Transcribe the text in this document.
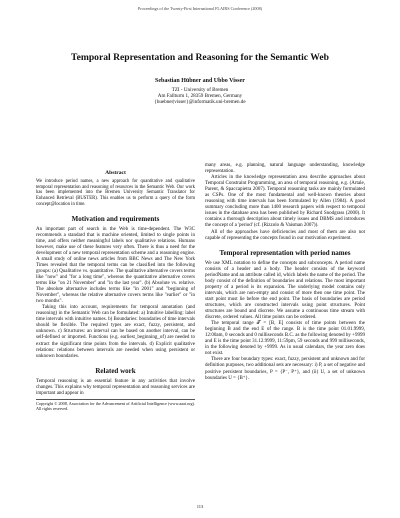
Proceedings of the Twenty-First International FLAIRS Conference (2008)
Temporal Representation and Reasoning for the Semantic Web
Sebastian Hübner and Ubbo Visser
TZI - University of Bremen
Am Fallturm 1, 28359 Bremen, Germany
{huebner|visser}@informatik.uni-bremen.de
Abstract

We introduce period names, a new approach for quantitative and qualitative temporal representation and reasoning of resources in the Semantic Web. Our work has been implemented into the Bremen University Semantic Translator for Enhanced Retrieval (BUSTER). This enables us to perform a query of the form concept@location in time.

Motivation and requirements

An important part of search in the Web is time-dependent. The W3C recommends a standard that is machine oriented, limited to single points in time, and offers neither meaningful labels nor qualitative relations. Humans however, make use of these features very often. There is thus a need for the development of a new temporal representation scheme and a reasoning engine. A small study of online news articles from BBC News and The New York Times revealed that the temporal terms can be classified into the following groups: (a) Qualitative vs. quantitative. The qualitative alternative covers terms like "now" and "for a long time", whereas the quantitative alternative covers terms like "on 21 November" and "in the last year". (b) Absolute vs. relative. The absolute alternative includes terms like "in 2001" and "beginning of November", whereas the relative alternative covers terms like "earlier" or "in two months".

Taking this into account, requirements for temporal annotation (and reasoning) in the Semantic Web can be formulated: a) Intuitive labelling: label time intervals with intuitive names. b) Boundaries: boundaries of time intervals should be flexible. The required types are exact, fuzzy, persistent, and unknown. c) Structures: an interval can be based on another interval, can be self-defined or imported. Functions (e.g. earliest_beginning_of) are needed to extract the significant time points from the intervals. d) Explicit qualitative relations: relations between intervals are needed when using persistent or unknown boundaries.

Related work

Temporal reasoning is an essential feature in any activities that involve changes. This explains why temporal representation and reasoning services are important and appear in

Copyright © 2008, Association for the Advancement of Artificial Intelligence (www.aaai.org). All rights reserved.

many areas, e.g. planning, natural language understanding, knowledge representation.

Articles in the knowledge representation area describe approaches about Temporal Constraint Programming, an area of temporal reasoning, e.g. (Artale, Parent, & Spaccapietra 2007). Temporal reasoning tasks are mainly formulated as CSPs. One of the most fundamental and well-known theories about reasoning with time intervals has been formulated by Allen (1984). A good summary concluding more than 1400 research papers with respect to temporal issues in the database area has been published by Richard Snodgrass (2000). It contains a thorough description about timely issues and DBMS and introduces the concept of a 'period' (cf. (Rizzolo & Vaisman 2007)).

All of the approaches have deficiencies and most of them are also not capable of representing the concepts found in our motivation experiment.

Temporal representation with period names

We use XML notation to define the concepts and subconcepts. A period name consists of a header and a body. The header consists of the keyword periodName and an attribute called id, which labels the name of the period. The body consist of the definition of boundaries and relations. The most important property of a period is its expansion. The underlying model contains only intervals, which are non-empty and consist of more then one time point. The start point must lie before the end point. The basis of boundaries are period structures, which are constructed intervals using point structures. Point structures are bound and discrete. We assume a continuous time stream with discrete, ordered values. All time points can be ordered.

The temporal range 𝒯 = [B, E] consists of time points between the beginning B and the end E of the range. B is the time point 01.01.9999, 12:00am, 0 seconds and 0 milliseconds B.C. as the following denoted by +9999 and E is the time point 31.12.9999, 11:59pm, 59 seconds and 999 milliseconds, in the following denoted by +9999. As in usual calendars, the year zero does not exist.

There are four boundary types: exact, fuzzy, persistent and unknown and for definition purposes, two additional sets are necessary: i) P, a set of negative and positive persistent boundaries, P = {P⁻, P⁺}, and (ii) U, a set of unknown boundaries U = {B⁺}.

113
